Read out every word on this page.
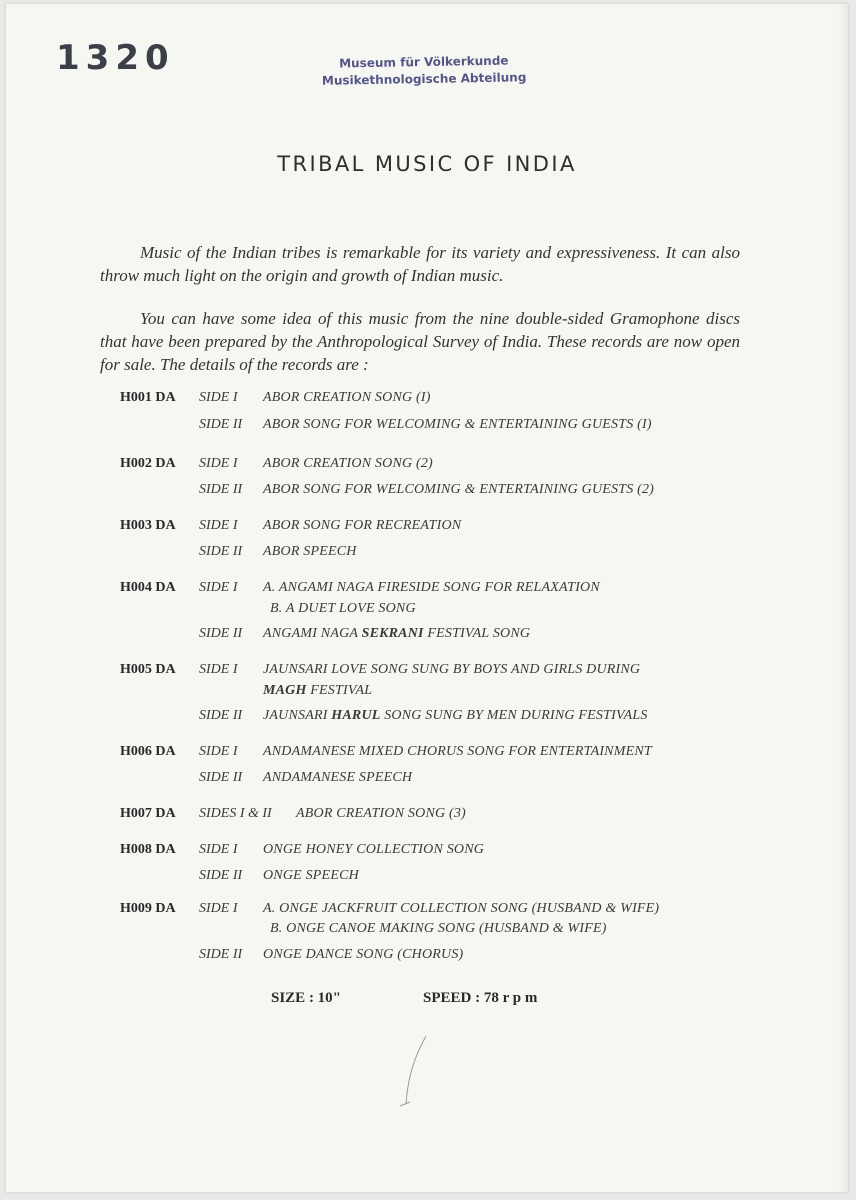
1320	Museum für Völkerkunde
Musikethnologische Abteilung
TRIBAL MUSIC OF INDIA

Music of the Indian tribes is remarkable for its variety and expressiveness. It can also throw much light on the origin and growth of Indian music.

You can have some idea of this music from the nine double-sided Gramophone discs that have been prepared by the Anthropological Survey of India. These records are now open for sale. The details of the records are :

H001 DA	SIDE I ABOR CREATION SONG (I)
SIDE II ABOR SONG FOR WELCOMING & ENTERTAINING GUESTS (I)
H002 DA	SIDE I ABOR CREATION SONG (2)
SIDE II ABOR SONG FOR WELCOMING & ENTERTAINING GUESTS (2)
H003 DA	SIDE I ABOR SONG FOR RECREATION
SIDE II ABOR SPEECH
H004 DA	SIDE I A. ANGAMI NAGA FIRESIDE SONG FOR RELAXATION
B. A DUET LOVE SONG
SIDE II ANGAMI NAGA SEKRANI FESTIVAL SONG
H005 DA	SIDE I JAUNSARI LOVE SONG SUNG BY BOYS AND GIRLS DURING
MAGH FESTIVAL
SIDE II JAUNSARI HARUL SONG SUNG BY MEN DURING FESTIVALS
H006 DA	SIDE I ANDAMANESE MIXED CHORUS SONG FOR ENTERTAINMENT
SIDE II ANDAMANESE SPEECH
H007 DA	SIDES I & II ABOR CREATION SONG (3)
H008 DA	SIDE I ONGE HONEY COLLECTION SONG
SIDE II ONGE SPEECH
H009 DA	SIDE I A. ONGE JACKFRUIT COLLECTION SONG (HUSBAND & WIFE)
B. ONGE CANOE MAKING SONG (HUSBAND & WIFE)
SIDE II ONGE DANCE SONG (CHORUS)
SIZE : 10"	SPEED : 78 r p m
